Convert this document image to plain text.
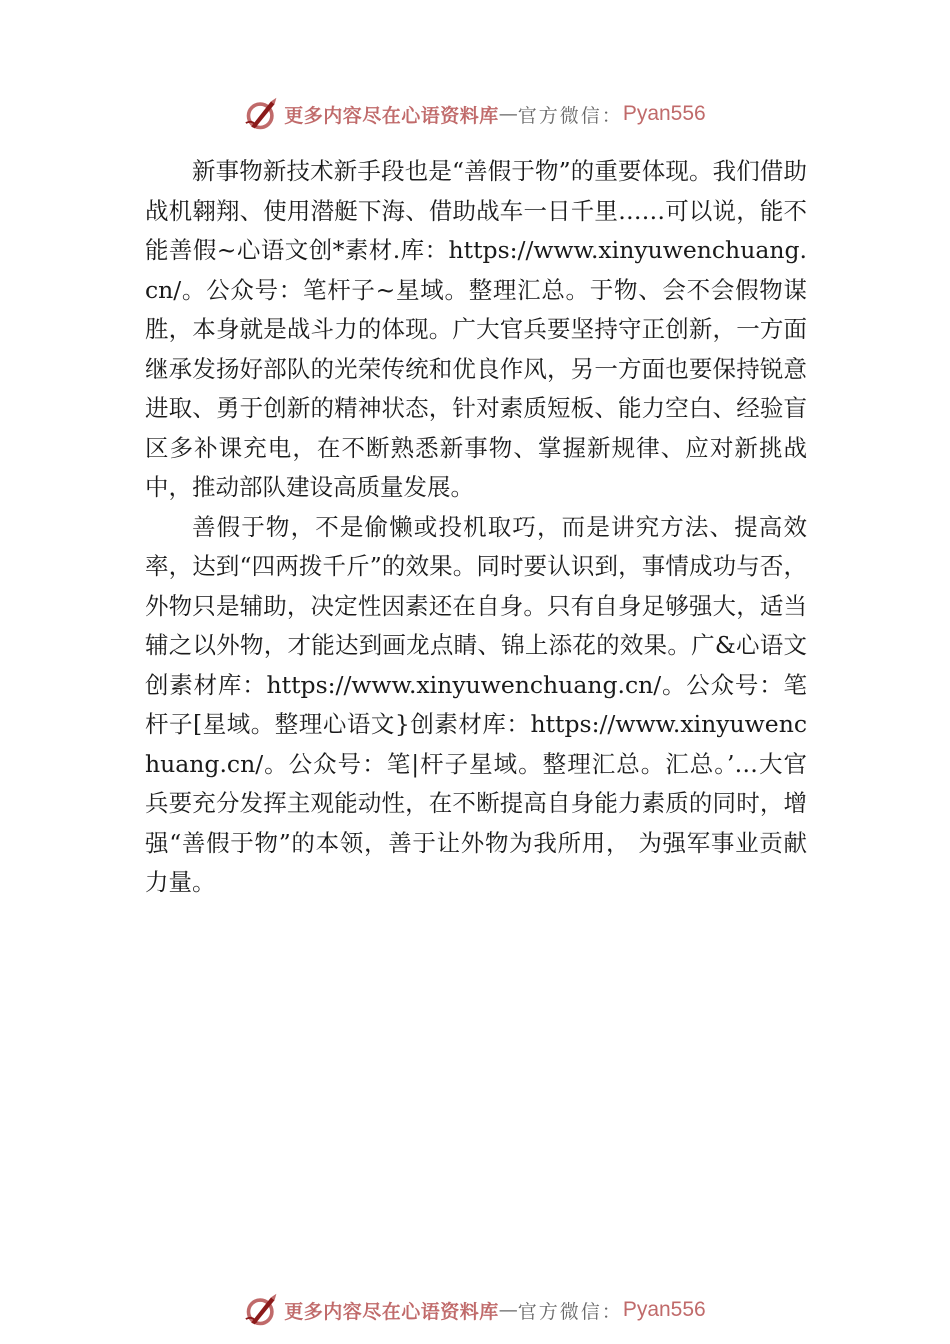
更多内容尽在心语资料库 — 官方微信： Pyan556

新事物新技术新手段也是“善假于物”的重要体现。我们借助战机翱翔、使用潜艇下海、借助战车一日千里……可以说，能不能善假~心语文创*素材.库：https://www.xinyuwenchuang.cn/。公众号：笔杆子~星域。整理汇总。于物、会不会假物谋胜，本身就是战斗力的体现。广大官兵要坚持守正创新，一方面继承发扬好部队的光荣传统和优良作风，另一方面也要保持锐意进取、勇于创新的精神状态，针对素质短板、能力空白、经验盲区多补课充电，在不断熟悉新事物、掌握新规律、应对新挑战中，推动部队建设高质量发展。

善假于物，不是偷懒或投机取巧，而是讲究方法、提高效率，达到“四两拨千斤”的效果。同时要认识到，事情成功与否，外物只是辅助，决定性因素还在自身。只有自身足够强大，适当辅之以外物，才能达到画龙点睛、锦上添花的效果。广&心语文创素材库：https://www.xinyuwenchuang.cn/。公众号：笔杆子[星域。整理心语文}创素材库：https://www.xinyuwenchuang.cn/。公众号：笔|杆子星域。整理汇总。汇总。’…大官兵要充分发挥主观能动性，在不断提高自身能力素质的同时，增强“善假于物”的本领，善于让外物为我所用， 为强军事业贡献力量。

更多内容尽在心语资料库 — 官方微信： Pyan556
